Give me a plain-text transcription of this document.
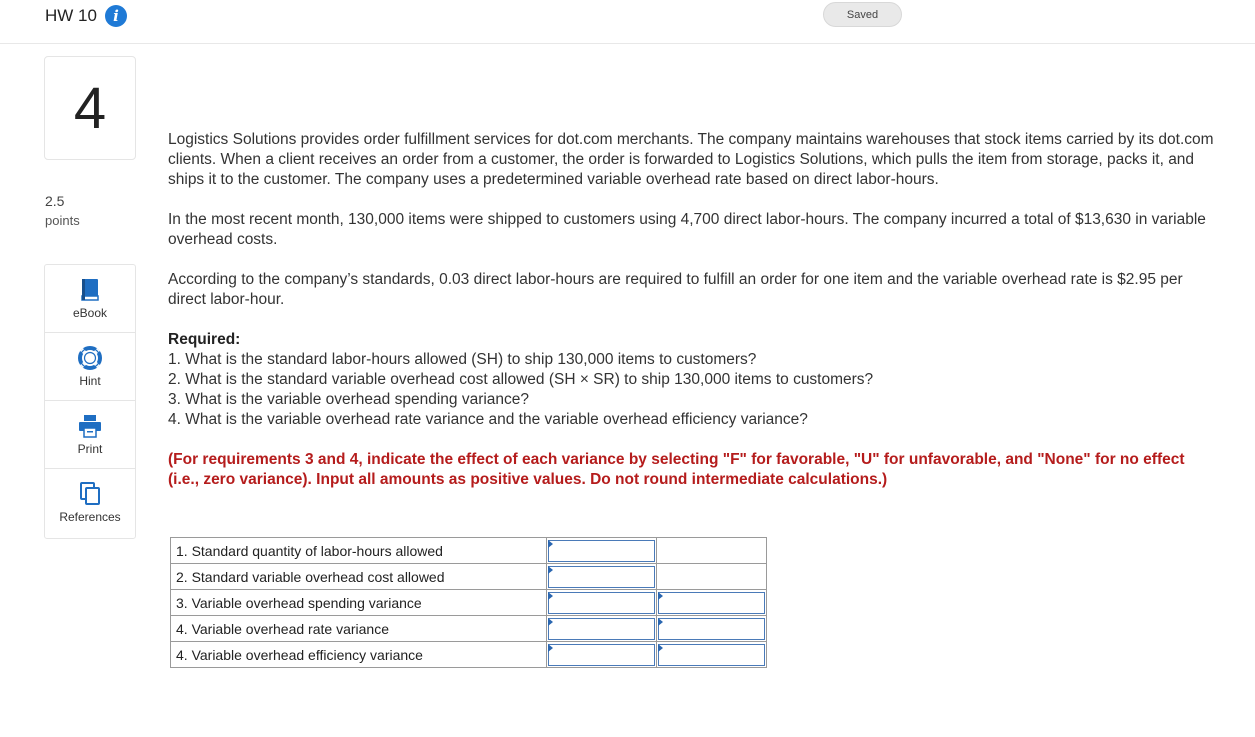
HW 10	i	Saved
4
2.5
points
eBook
Hint
Print
References

Logistics Solutions provides order fulfillment services for dot.com merchants. The company maintains warehouses that stock items carried by its dot.com clients. When a client receives an order from a customer, the order is forwarded to Logistics Solutions, which pulls the item from storage, packs it, and ships it to the customer. The company uses a predetermined variable overhead rate based on direct labor-hours.

In the most recent month, 130,000 items were shipped to customers using 4,700 direct labor-hours. The company incurred a total of $13,630 in variable overhead costs.

According to the company’s standards, 0.03 direct labor-hours are required to fulfill an order for one item and the variable overhead rate is $2.95 per direct labor-hour.

Required:
1. What is the standard labor-hours allowed (SH) to ship 130,000 items to customers?
2. What is the standard variable overhead cost allowed (SH × SR) to ship 130,000 items to customers?
3. What is the variable overhead spending variance?
4. What is the variable overhead rate variance and the variable overhead efficiency variance?

(For requirements 3 and 4, indicate the effect of each variance by selecting "F" for favorable, "U" for unfavorable, and "None" for no effect (i.e., zero variance). Input all amounts as positive values. Do not round intermediate calculations.)

1. Standard quantity of labor-hours allowed	

2. Standard variable overhead cost allowed	

3. Variable overhead spending variance	

4. Variable overhead rate variance	

4. Variable overhead efficiency variance	
